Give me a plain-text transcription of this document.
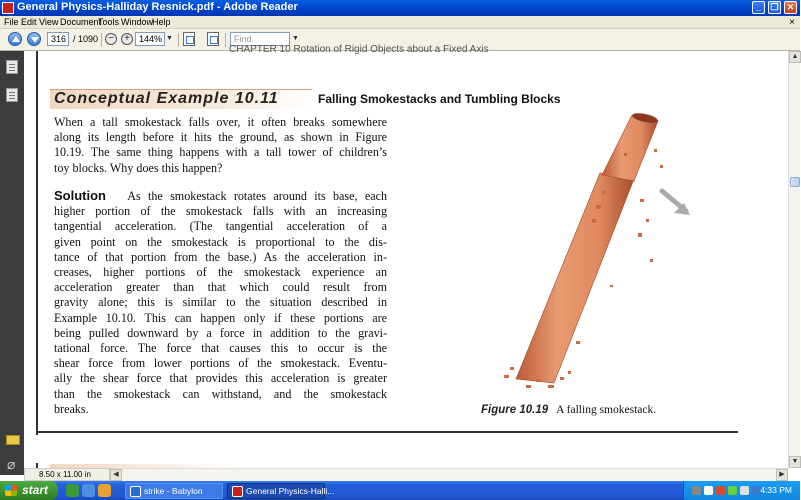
General Physics-Halliday Resnick.pdf - Adobe Reader	_	❐ ✕
File Edit View Document
Tools Window
Help	×
316 / 1090	−	+	144% ▼	Find	▼
⌀
CHAPTER 10 Rotation of Rigid Objects about a Fixed Axis
Conceptual Example 10.11	Falling Smokestacks and Tumbling Blocks
When a tall smokestack falls over, it often breaks somewhere
along its length before it hits the ground, as shown in Figure
10.19. The same thing happens with a tall tower of children’s
toy blocks. Why does this happen?
Solution As the smokestack rotates around its base, each
higher portion of the smokestack falls with an increasing
tangential acceleration. (The tangential acceleration of a
given point on the smokestack is proportional to the dis-
tance of that portion from the base.) As the acceleration in-
creases, higher portions of the smokestack experience an
acceleration greater than that which could result from
gravity alone; this is similar to the situation described in
Example 10.10. This can happen only if these portions are
being pulled downward by a force in addition to the gravi-
tational force. The force that causes this to occur is the
shear force from lower portions of the smokestack. Eventu-
ally the shear force that provides this acceleration is greater
than the smokestack can withstand, and the smokestack
breaks.	Figure 10.19 A falling smokestack.
▲
▼
8.50 x 11.00 in	◀	▶
start	strike - Babylon	General Physics-Halli...	4:33 PM
